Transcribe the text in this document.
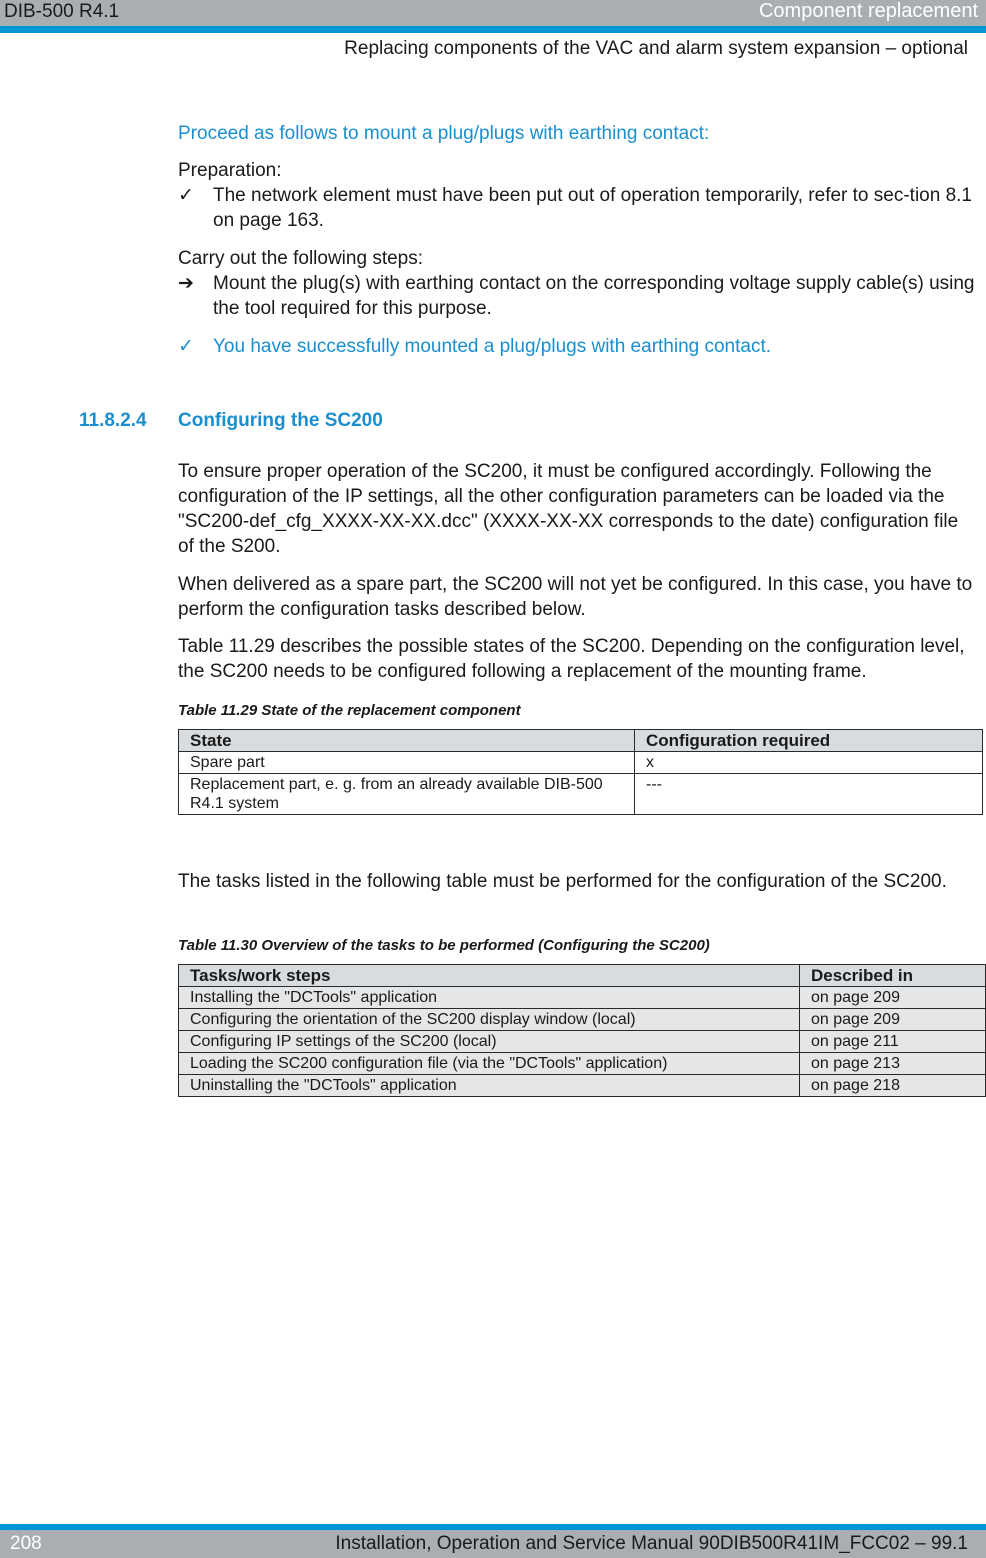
DIB-500 R4.1	Component replacement
Replacing components of the VAC and alarm system expansion – optional
Proceed as follows to mount a plug/plugs with earthing contact:
Preparation:
✓	The network element must have been put out of operation temporarily, refer to sec-tion 8.1 on page 163.
Carry out the following steps:
➔	Mount the plug(s) with earthing contact on the corresponding voltage supply cable(s) using the tool required for this purpose.
✓	You have successfully mounted a plug/plugs with earthing contact.
11.8.2.4 Configuring the SC200
To ensure proper operation of the SC200, it must be configured accordingly. Following the configuration of the IP settings, all the other configuration parameters can be loaded via the "SC200-def_cfg_XXXX-XX-XX.dcc" (XXXX-XX-XX corresponds to the date) configuration file of the S200.
When delivered as a spare part, the SC200 will not yet be configured. In this case, you have to perform the configuration tasks described below.
Table 11.29 describes the possible states of the SC200. Depending on the configuration level, the SC200 needs to be configured following a replacement of the mounting frame.
Table 11.29 State of the replacement component
State	Configuration required
Spare part	x
Replacement part, e. g. from an already available DIB-500 R4.1 system	---
The tasks listed in the following table must be performed for the configuration of the SC200.
Table 11.30 Overview of the tasks to be performed (Configuring the SC200)
Tasks/work steps	Described in
Installing the "DCTools" application	on page 209
Configuring the orientation of the SC200 display window (local)	on page 209
Configuring IP settings of the SC200 (local)	on page 211
Loading the SC200 configuration file (via the "DCTools" application)	on page 213
Uninstalling the "DCTools" application	on page 218
208	Installation, Operation and Service Manual 90DIB500R41IM_FCC02 – 99.1
